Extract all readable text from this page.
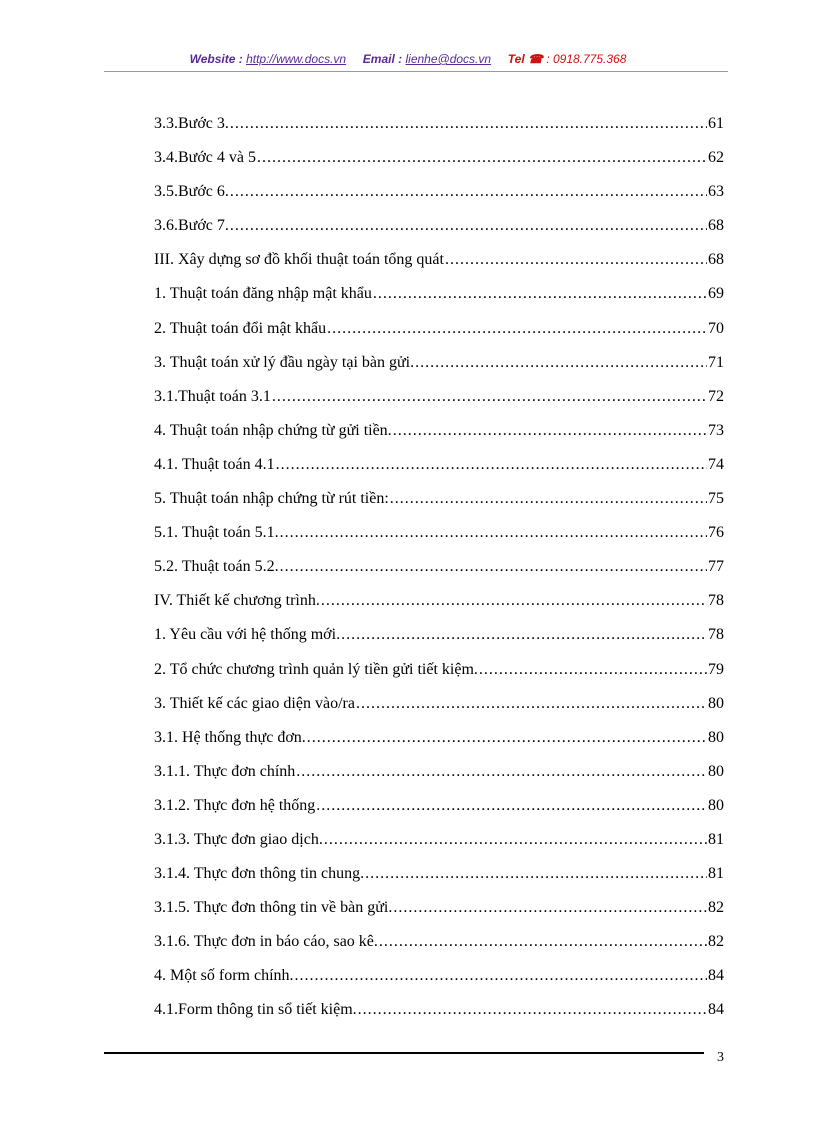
Website : http://www.docs.vn Email : lienhe@docs.vn Tel ☎ : 0918.775.368
3.3.Bước 3. .....	61
3.4.Bước 4 và 5 .....	62
3.5.Bước 6. .....	63
3.6.Bước 7. .....	68
III. Xây dựng sơ đồ khối thuật toán tổng quát .....	68
1. Thuật toán đăng nhập mật khẩu .....	69
2. Thuật toán đổi mật khẩu .....	70
3. Thuật toán xử lý đầu ngày tại bàn gửi. .....	71
3.1.Thuật toán 3.1 .....	72
4. Thuật toán nhập chứng từ gửi tiền. .....	73
4.1. Thuật toán 4.1 .....	74
5. Thuật toán nhập chứng từ rút tiền: .....	75
5.1. Thuật toán 5.1. .....	76
5.2. Thuật toán 5.2. .....	77
IV. Thiết kế chương trình. .....	78
1. Yêu cầu với hệ thống mới. .....	78
2. Tổ chức chương trình quản lý tiền gửi tiết kiệm. .....	79
3. Thiết kế các giao diện vào/ra .....	80
3.1. Hệ thống thực đơn. .....	80
3.1.1. Thực đơn chính .....	80
3.1.2. Thực đơn hệ thống .....	80
3.1.3. Thực đơn giao dịch. .....	81
3.1.4. Thực đơn thông tin chung. .....	81
3.1.5. Thực đơn thông tin về bàn gửi. .....	82
3.1.6. Thực đơn in báo cáo, sao kê. .....	82
4. Một số form chính. .....	84
4.1.Form thông tin sổ tiết kiệm. .....	84
3
